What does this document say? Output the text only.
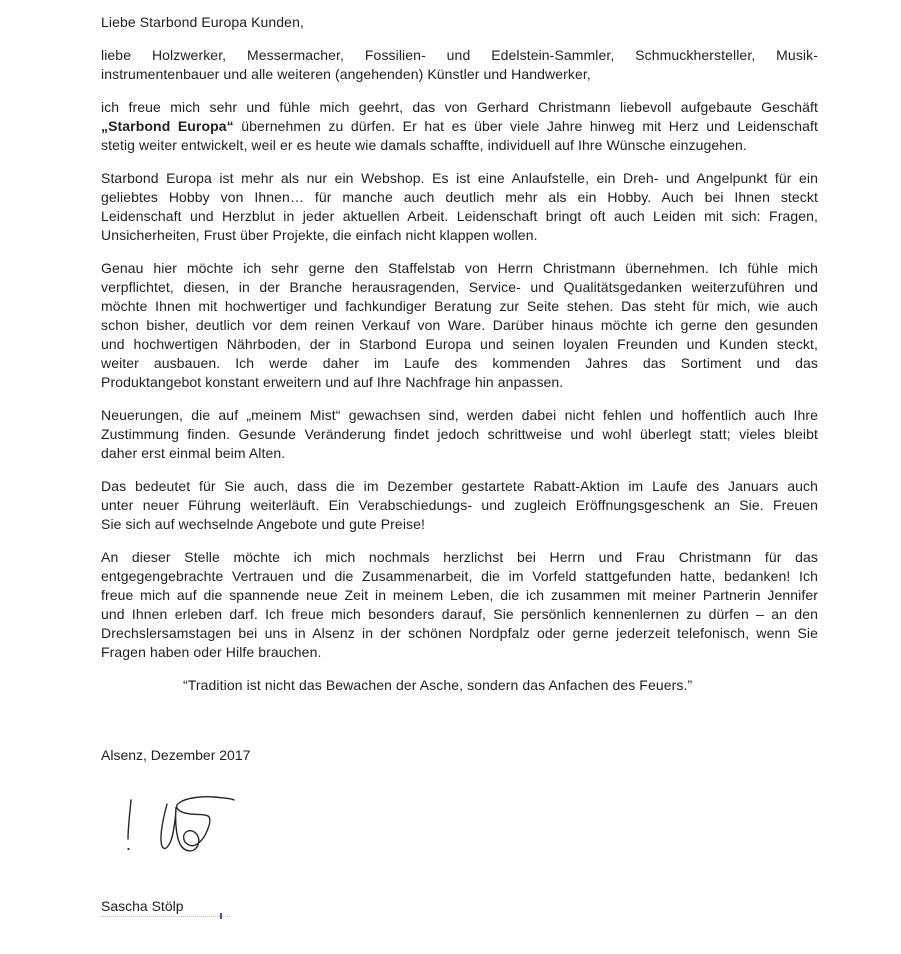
Liebe Starbond Europa Kunden,
liebe Holzwerker, Messermacher, Fossilien- und Edelstein-Sammler, Schmuckhersteller, Musik-
instrumentenbauer und alle weiteren (angehenden) Künstler und Handwerker,
ich freue mich sehr und fühle mich geehrt, das von Gerhard Christmann liebevoll aufgebaute Geschäft
„Starbond Europa“ übernehmen zu dürfen. Er hat es über viele Jahre hinweg mit Herz und Leidenschaft
stetig weiter entwickelt, weil er es heute wie damals schaffte, individuell auf Ihre Wünsche einzugehen.
Starbond Europa ist mehr als nur ein Webshop. Es ist eine Anlaufstelle, ein Dreh- und Angelpunkt für ein
geliebtes Hobby von Ihnen… für manche auch deutlich mehr als ein Hobby. Auch bei Ihnen steckt
Leidenschaft und Herzblut in jeder aktuellen Arbeit. Leidenschaft bringt oft auch Leiden mit sich: Fragen,
Unsicherheiten, Frust über Projekte, die einfach nicht klappen wollen.
Genau hier möchte ich sehr gerne den Staffelstab von Herrn Christmann übernehmen. Ich fühle mich
verpflichtet, diesen, in der Branche herausragenden, Service- und Qualitätsgedanken weiterzuführen und
möchte Ihnen mit hochwertiger und fachkundiger Beratung zur Seite stehen. Das steht für mich, wie auch
schon bisher, deutlich vor dem reinen Verkauf von Ware. Darüber hinaus möchte ich gerne den gesunden
und hochwertigen Nährboden, der in Starbond Europa und seinen loyalen Freunden und Kunden steckt,
weiter ausbauen. Ich werde daher im Laufe des kommenden Jahres das Sortiment und das
Produktangebot konstant erweitern und auf Ihre Nachfrage hin anpassen.
Neuerungen, die auf „meinem Mist“ gewachsen sind, werden dabei nicht fehlen und hoffentlich auch Ihre
Zustimmung finden. Gesunde Veränderung findet jedoch schrittweise und wohl überlegt statt; vieles bleibt
daher erst einmal beim Alten.
Das bedeutet für Sie auch, dass die im Dezember gestartete Rabatt-Aktion im Laufe des Januars auch
unter neuer Führung weiterläuft. Ein Verabschiedungs- und zugleich Eröffnungsgeschenk an Sie. Freuen
Sie sich auf wechselnde Angebote und gute Preise!
An dieser Stelle möchte ich mich nochmals herzlichst bei Herrn und Frau Christmann für das
entgegengebrachte Vertrauen und die Zusammenarbeit, die im Vorfeld stattgefunden hatte, bedanken! Ich
freue mich auf die spannende neue Zeit in meinem Leben, die ich zusammen mit meiner Partnerin Jennifer
und Ihnen erleben darf. Ich freue mich besonders darauf, Sie persönlich kennenlernen zu dürfen – an den
Drechslersamstagen bei uns in Alsenz in der schönen Nordpfalz oder gerne jederzeit telefonisch, wenn Sie
Fragen haben oder Hilfe brauchen.
“Tradition ist nicht das Bewachen der Asche, sondern das Anfachen des Feuers.”
Alsenz, Dezember 2017
Sascha Stölp
